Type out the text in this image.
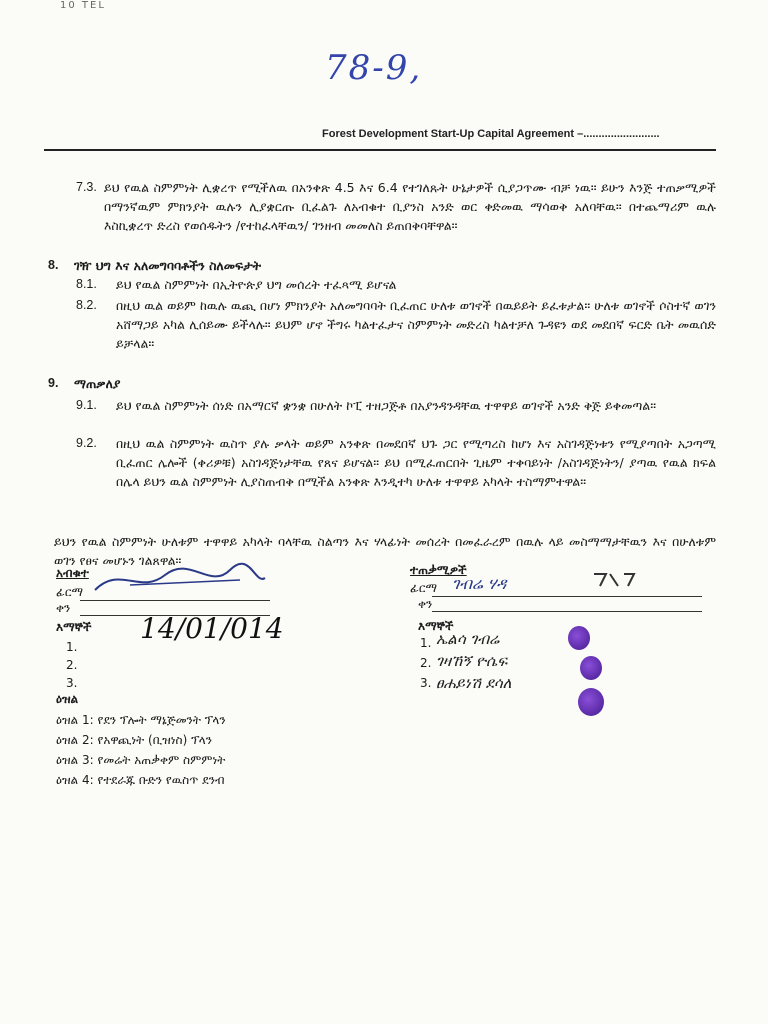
10 TEL
78-9,
Forest Development Start-Up Capital Agreement –.........................
7.3. ይህ የዉል ስምምነት ሊቋረጥ የሚችለዉ በአንቀጽ 4.5 እና 6.4 የተገለጹት ሁኔታዎች ሲያጋጥሙ ብቻ ነዉ። ይሁን እንጅ ተጠቃሚዎች በማንኛዉም ምክንያት ዉሉን ሊያቋርጡ ቢፈልጉ ለአብቁተ ቢያንስ አንድ ወር ቀድመዉ ማሳወቅ አለባቸዉ። በተጨማሪም ዉሉ እስኪቋረጥ ድረስ የወሰዱትን /የተከፈላቸዉን/ ገንዘብ መመለስ ይጠበቅባቸዋል።
8. ገዥ ህግ እና አለመግባባቶችን ስለመፍታት
8.1. ይህ የዉል ስምምነት በኢትዮጵያ ህግ መሰረት ተፈጻሚ ይሆናል
8.2. በዚህ ዉል ወይም ከዉሉ ዉጪ በሆነ ምክንያት አለመግባባት ቢፈጠር ሁለቱ ወገኖች በዉይይት ይፈቱታል። ሁለቱ ወገኖች ሶስተኛ ወገን አሸማጋይ አካል ሊሰይሙ ይችላሉ። ይህም ሆኖ ችግሩ ካልተፈታና ስምምነት መድረስ ካልተቻለ ጉዳዩን ወደ መደበኛ ፍርድ ቤት መዉሰድ ይቻላል።
9. ማጠቃለያ
9.1. ይህ የዉል ስምምነት ሰነድ በአማርኛ ቋንቋ በሁለት ኮፒ ተዘጋጅቶ በአያንዳንዳቸዉ ተዋዋይ ወገኖች አንድ ቅጅ ይቀመጣል።
9.2. በዚህ ዉል ስምምነት ዉስጥ ያሉ ቃላት ወይም አንቀጽ በመደበኛ ህጉ ጋር የሚጣረስ ከሆነ እና አስገዳጅነቱን የሚያጣበት አጋጣሚ ቢፈጠር ሌሎች (ቀሪዎቹ) አስገዳጅነታቸዉ የጸና ይሆናል። ይህ በሚፈጠርበት ጊዜም ተቀባይነት /አስገዳጅነትን/ ያጣዉ የዉል ክፍል በሌላ ይህን ዉል ስምምነት ሊያስጠብቅ በሚችል አንቀጽ እንዲተካ ሁለቱ ተዋዋይ አካላት ተስማምተዋል።
ይህን የዉል ስምምነት ሁለቱም ተዋዋይ አካላት ባላቸዉ ስልጣን እና ሃላፊነት መሰረት በመፈራረም በዉሉ ላይ መስማማታቸዉን እና በሁለቱም ወገን የፀና መሆኑን ገልጸዋል።
አብቁተ
ፊርማ
ቀን
እማኞች 14/01/014
1.
2.
3.
ተጠቃሚዎች
ፊርማ ገብሬ ሃዳ
ቀን
እማኞች
1. ኤልሳ ገብሬ
2. ገዛኸኝ ዮሴፍ
3. ፀሐይነሽ ደሳለ
ዕዝል
ዕዝል 1: የደን ፕሎት ማኔጅመንት ፕላን
ዕዝል 2: የአዋጪነት (ቢዝነስ) ፕላን
ዕዝል 3: የመሬት አጠቃቀም ስምምነት
ዕዝል 4: የተደራጁ ቡድን የዉስጥ ደንብ
